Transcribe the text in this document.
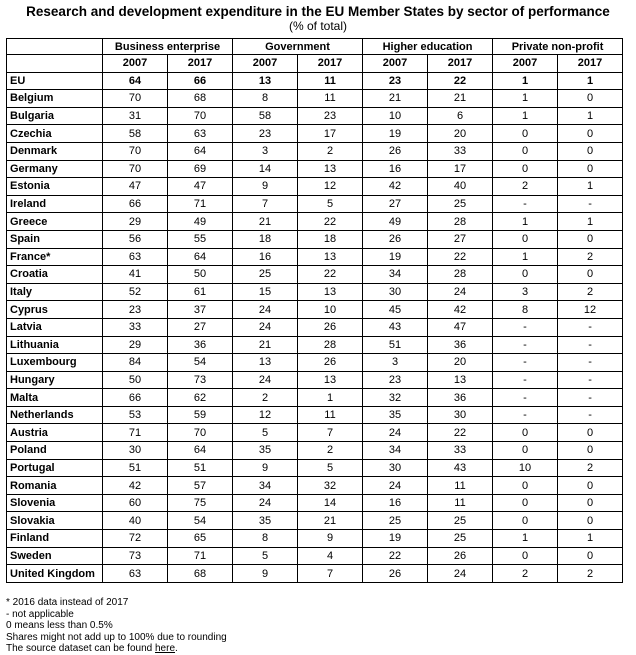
Research and development expenditure in the EU Member States by sector of performance
(% of total)
	Business enterprise		Government		Higher education		Private non-profit	
	2007	2017	2007	2017	2007	2017	2007	2017
EU	64	66	13	11	23	22	1	1
Belgium	70	68	8	11	21	21	1	0
Bulgaria	31	70	58	23	10	6	1	1
Czechia	58	63	23	17	19	20	0	0
Denmark	70	64	3	2	26	33	0	0
Germany	70	69	14	13	16	17	0	0
Estonia	47	47	9	12	42	40	2	1
Ireland	66	71	7	5	27	25	-	-
Greece	29	49	21	22	49	28	1	1
Spain	56	55	18	18	26	27	0	0
France*	63	64	16	13	19	22	1	2
Croatia	41	50	25	22	34	28	0	0
Italy	52	61	15	13	30	24	3	2
Cyprus	23	37	24	10	45	42	8	12
Latvia	33	27	24	26	43	47	-	-
Lithuania	29	36	21	28	51	36	-	-
Luxembourg	84	54	13	26	3	20	-	-
Hungary	50	73	24	13	23	13	-	-
Malta	66	62	2	1	32	36	-	-
Netherlands	53	59	12	11	35	30	-	-
Austria	71	70	5	7	24	22	0	0
Poland	30	64	35	2	34	33	0	0
Portugal	51	51	9	5	30	43	10	2
Romania	42	57	34	32	24	11	0	0
Slovenia	60	75	24	14	16	11	0	0
Slovakia	40	54	35	21	25	25	0	0
Finland	72	65	8	9	19	25	1	1
Sweden	73	71	5	4	22	26	0	0
United Kingdom	63	68	9	7	26	24	2	2
* 2016 data instead of 2017
- not applicable
0 means less than 0.5%
Shares might not add up to 100% due to rounding
The source dataset can be found here.
